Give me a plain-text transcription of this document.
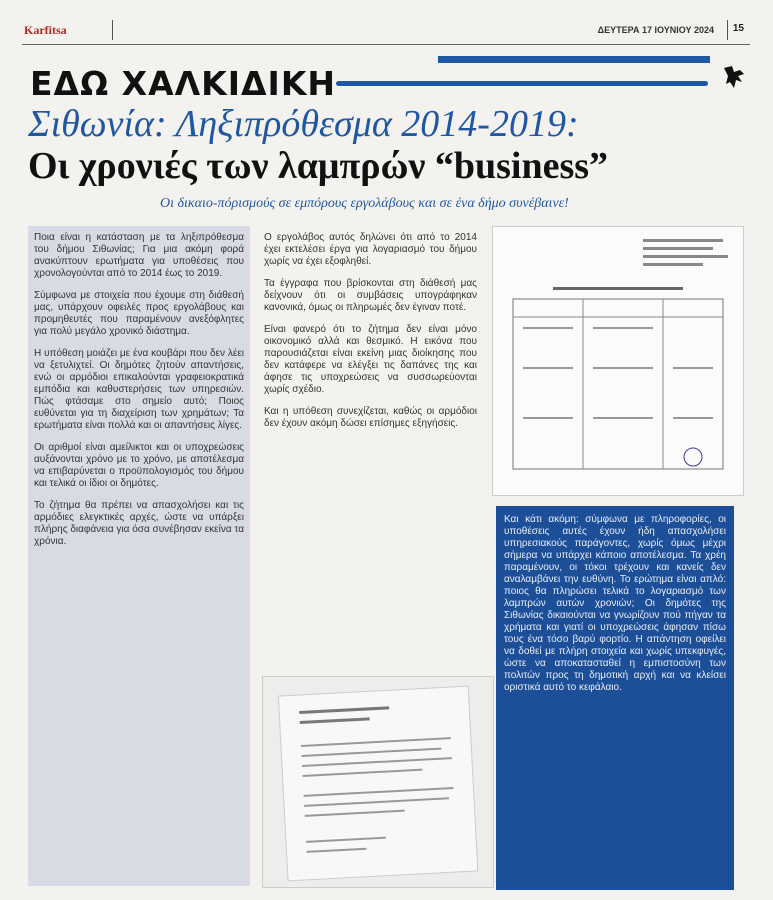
Karfitsa	ΔΕΥΤΕΡΑ 17 ΙΟΥΝΙΟΥ 2024 15
ΕΔΩ ΧΑΛΚΙΔΙΚΗ
Σιθωνία: Ληξιπρόθεσμα 2014-2019:
Οι χρονιές των λαμπρών “business”
Οι δικαιο-πόρισμούς σε εμπόρους εργολάβους και σε ένα δήμο συνέβαινε!

Ποια είναι η κατάσταση με τα ληξιπρόθεσμα του δήμου Σιθωνίας; Για μια ακόμη φορά ανακύπτουν ερωτήματα για υποθέσεις που χρονολογούνται από το 2014 έως το 2019.

Σύμφωνα με στοιχεία που έχουμε στη διάθεσή μας, υπάρχουν οφειλές προς εργολάβους και προμηθευτές που παραμένουν ανεξόφλητες για πολύ μεγάλο χρονικό διάστημα.

Η υπόθεση μοιάζει με ένα κουβάρι που δεν λέει να ξετυλιχτεί. Οι δημότες ζητούν απαντήσεις, ενώ οι αρμόδιοι επικαλούνται γραφειοκρατικά εμπόδια και καθυστερήσεις των υπηρεσιών. Πώς φτάσαμε στο σημείο αυτό; Ποιος ευθύνεται για τη διαχείριση των χρημάτων; Τα ερωτήματα είναι πολλά και οι απαντήσεις λίγες.

Οι αριθμοί είναι αμείλικτοι και οι υποχρεώσεις αυξάνονται χρόνο με το χρόνο, με αποτέλεσμα να επιβαρύνεται ο προϋπολογισμός του δήμου και τελικά οι ίδιοι οι δημότες.

Το ζήτημα θα πρέπει να απασχολήσει και τις αρμόδιες ελεγκτικές αρχές, ώστε να υπάρξει πλήρης διαφάνεια για όσα συνέβησαν εκείνα τα χρόνια.

Ο εργολάβος αυτός δηλώνει ότι από το 2014 έχει εκτελέσει έργα για λογαριασμό του δήμου χωρίς να έχει εξοφληθεί.

Τα έγγραφα που βρίσκονται στη διάθεσή μας δείχνουν ότι οι συμβάσεις υπογράφηκαν κανονικά, όμως οι πληρωμές δεν έγιναν ποτέ.

Είναι φανερό ότι το ζήτημα δεν είναι μόνο οικονομικό αλλά και θεσμικό. Η εικόνα που παρουσιάζεται είναι εκείνη μιας διοίκησης που δεν κατάφερε να ελέγξει τις δαπάνες της και άφησε τις υποχρεώσεις να συσσωρεύονται χωρίς σχέδιο.

Και η υπόθεση συνεχίζεται, καθώς οι αρμόδιοι δεν έχουν ακόμη δώσει επίσημες εξηγήσεις.

Και κάτι ακόμη: σύμφωνα με πληροφορίες, οι υποθέσεις αυτές έχουν ήδη απασχολήσει υπηρεσιακούς παράγοντες, χωρίς όμως μέχρι σήμερα να υπάρχει κάποιο αποτέλεσμα. Τα χρέη παραμένουν, οι τόκοι τρέχουν και κανείς δεν αναλαμβάνει την ευθύνη. Το ερώτημα είναι απλό: ποιος θα πληρώσει τελικά το λογαριασμό των λαμπρών αυτών χρονιών; Οι δημότες της Σιθωνίας δικαιούνται να γνωρίζουν πού πήγαν τα χρήματα και γιατί οι υποχρεώσεις άφησαν πίσω τους ένα τόσο βαρύ φορτίο. Η απάντηση οφείλει να δοθεί με πλήρη στοιχεία και χωρίς υπεκφυγές, ώστε να αποκατασταθεί η εμπιστοσύνη των πολιτών προς τη δημοτική αρχή και να κλείσει οριστικά αυτό το κεφάλαιο.
